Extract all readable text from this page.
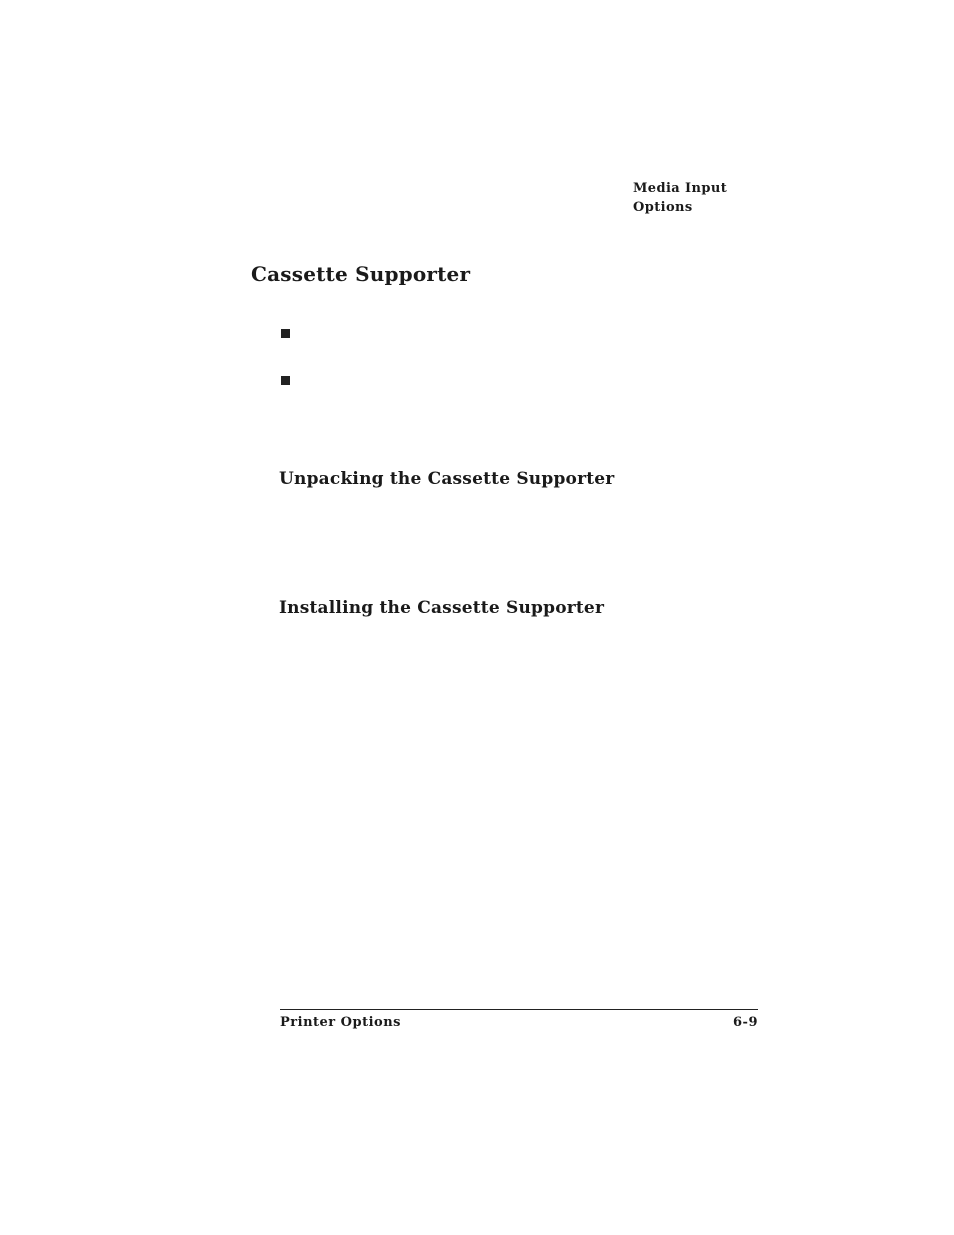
Media Input
Options
Cassette Supporter
Unpacking the Cassette Supporter
Installing the Cassette Supporter
Printer Options	6-9
